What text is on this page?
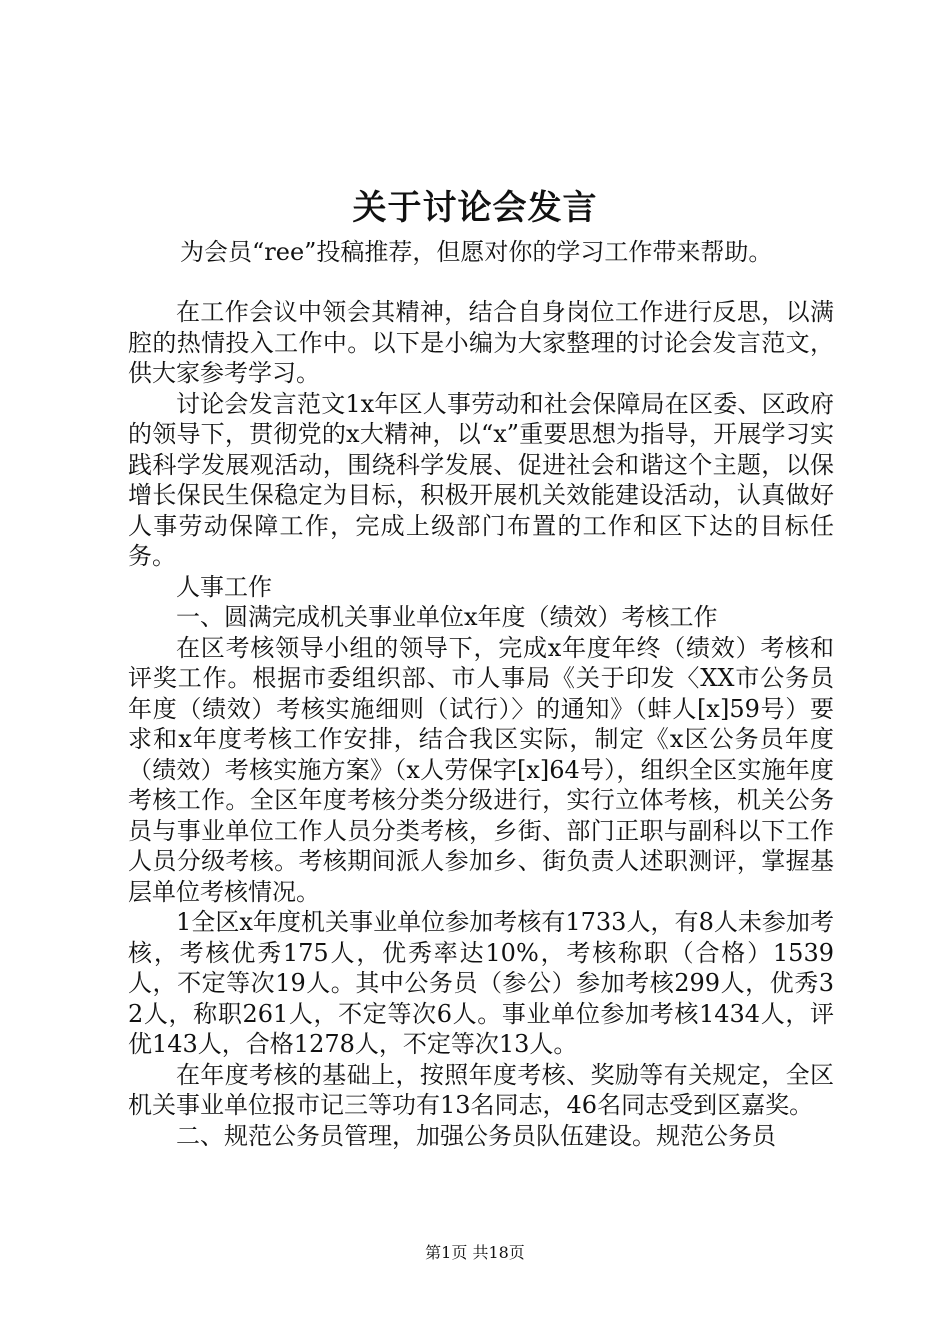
关于讨论会发言
为会员“ree”投稿推荐，但愿对你的学习工作带来帮助。

在工作会议中领会其精神，结合自身岗位工作进行反思，以满腔的热情投入工作中。以下是小编为大家整理的讨论会发言范文，供大家参考学习。

讨论会发言范文1x年区人事劳动和社会保障局在区委、区政府的领导下，贯彻党的x大精神，以“x”重要思想为指导，开展学习实践科学发展观活动，围绕科学发展、促进社会和谐这个主题，以保增长保民生保稳定为目标，积极开展机关效能建设活动，认真做好人事劳动保障工作，完成上级部门布置的工作和区下达的目标任务。

人事工作

一、圆满完成机关事业单位x年度（绩效）考核工作

在区考核领导小组的领导下，完成x年度年终（绩效）考核和评奖工作。根据市委组织部、市人事局《关于印发〈XX市公务员年度（绩效）考核实施细则（试行）〉的通知》（蚌人[x]59号）要求和x年度考核工作安排，结合我区实际，制定《x区公务员年度（绩效）考核实施方案》（x人劳保字[x]64号），组织全区实施年度考核工作。全区年度考核分类分级进行，实行立体考核，机关公务员与事业单位工作人员分类考核，乡街、部门正职与副科以下工作人员分级考核。考核期间派人参加乡、街负责人述职测评，掌握基层单位考核情况。

1全区x年度机关事业单位参加考核有1733人，有8人未参加考核，考核优秀175人，优秀率达10%，考核称职（合格）1539人，不定等次19人。其中公务员（参公）参加考核299人，优秀32人，称职261人，不定等次6人。事业单位参加考核1434人，评优143人，合格1278人，不定等次13人。

在年度考核的基础上，按照年度考核、奖励等有关规定，全区机关事业单位报市记三等功有13名同志，46名同志受到区嘉奖。

二、规范公务员管理，加强公务员队伍建设。规范公务员

第1页 共18页
